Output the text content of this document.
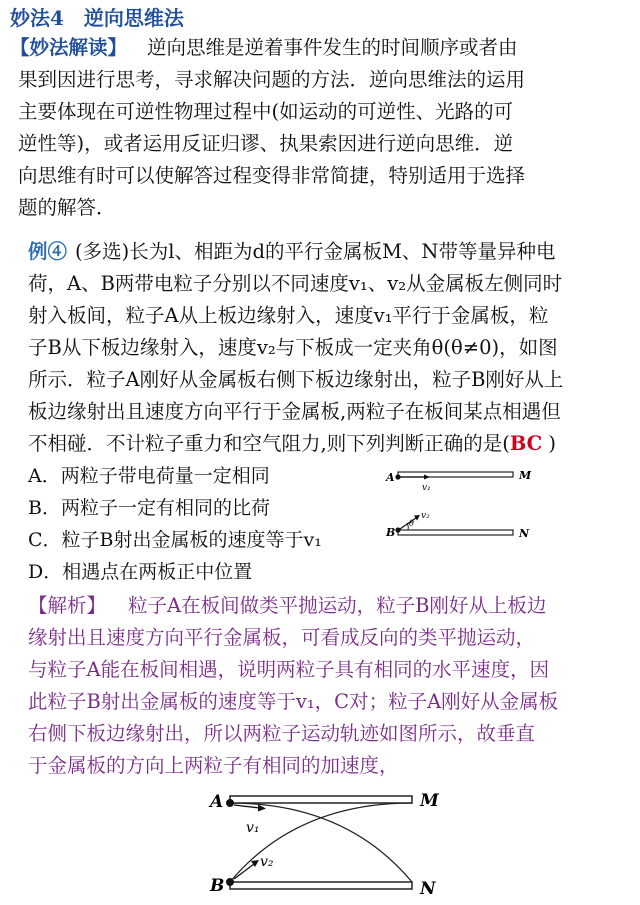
妙法4　逆向思维法
【妙法解读】 逆向思维是逆着事件发生的时间顺序或者由
果到因进行思考，寻求解决问题的方法．逆向思维法的运用
主要体现在可逆性物理过程中(如运动的可逆性、光路的可
逆性等)，或者运用反证归谬、执果索因进行逆向思维．逆
向思维有时可以使解答过程变得非常简捷，特别适用于选择
题的解答．
例④ (多选)长为l、相距为d的平行金属板M、N带等量异种电
荷，A、B两带电粒子分别以不同速度v₁、v₂从金属板左侧同时
射入板间，粒子A从上板边缘射入，速度v₁平行于金属板，粒
子B从下板边缘射入，速度v₂与下板成一定夹角θ(θ≠0)，如图
所示．粒子A刚好从金属板右侧下板边缘射出，粒子B刚好从上
板边缘射出且速度方向平行于金属板,两粒子在板间某点相遇但
不相碰．不计粒子重力和空气阻力,则下列判断正确的是(BC )
A．两粒子带电荷量一定相同
B．两粒子一定有相同的比荷
C．粒子B射出金属板的速度等于v₁
D．相遇点在两板正中位置
A
B
M
N
v₁
v₂
θ
【解析】 粒子A在板间做类平抛运动，粒子B刚好从上板边
缘射出且速度方向平行金属板，可看成反向的类平抛运动，
与粒子A能在板间相遇，说明两粒子具有相同的水平速度，因
此粒子B射出金属板的速度等于v₁，C对；粒子A刚好从金属板
右侧下板边缘射出，所以两粒子运动轨迹如图所示，故垂直
于金属板的方向上两粒子有相同的加速度，
A
B
M
N
v₁
v₂
